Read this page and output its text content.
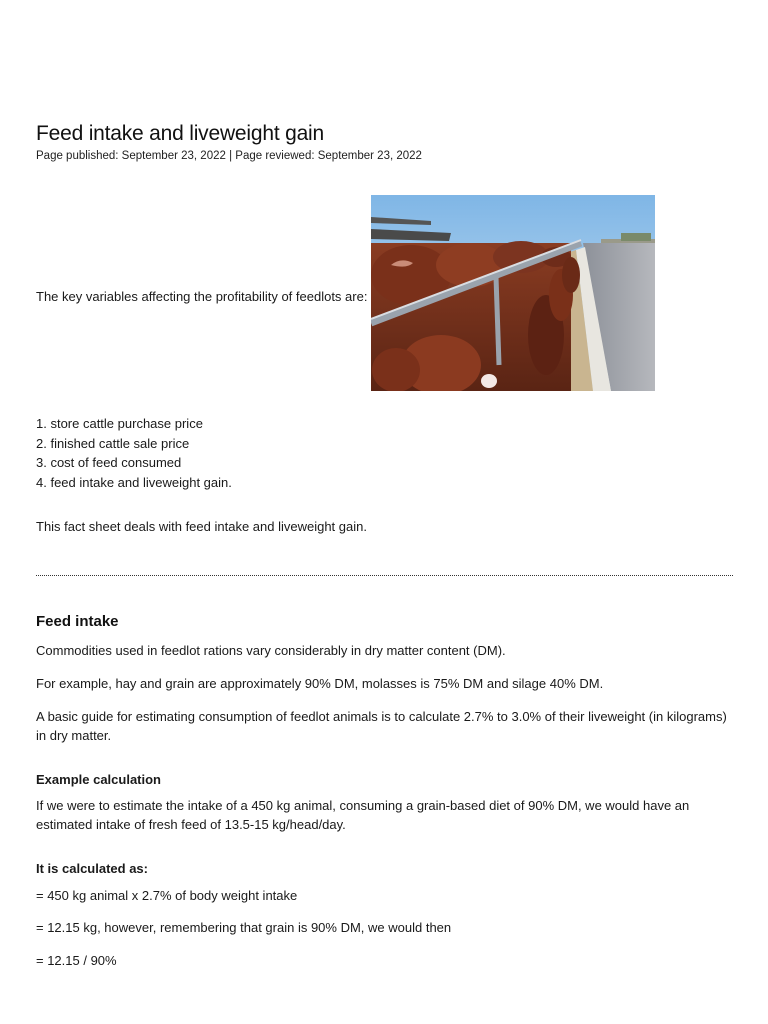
Feed intake and liveweight gain
Page published: September 23, 2022 | Page reviewed: September 23, 2022
The key variables affecting the profitability of feedlots are:
1. store cattle purchase price
2. finished cattle sale price
3. cost of feed consumed
4. feed intake and liveweight gain.

This fact sheet deals with feed intake and liveweight gain.

Feed intake

Commodities used in feedlot rations vary considerably in dry matter content (DM).

For example, hay and grain are approximately 90% DM, molasses is 75% DM and silage 40% DM.

A basic guide for estimating consumption of feedlot animals is to calculate 2.7% to 3.0% of their liveweight (in kilograms) in dry matter.

Example calculation

If we were to estimate the intake of a 450 kg animal, consuming a grain-based diet of 90% DM, we would have an estimated intake of fresh feed of 13.5-15 kg/head/day.

It is calculated as:

= 450 kg animal x 2.7% of body weight intake

= 12.15 kg, however, remembering that grain is 90% DM, we would then

= 12.15 / 90%
